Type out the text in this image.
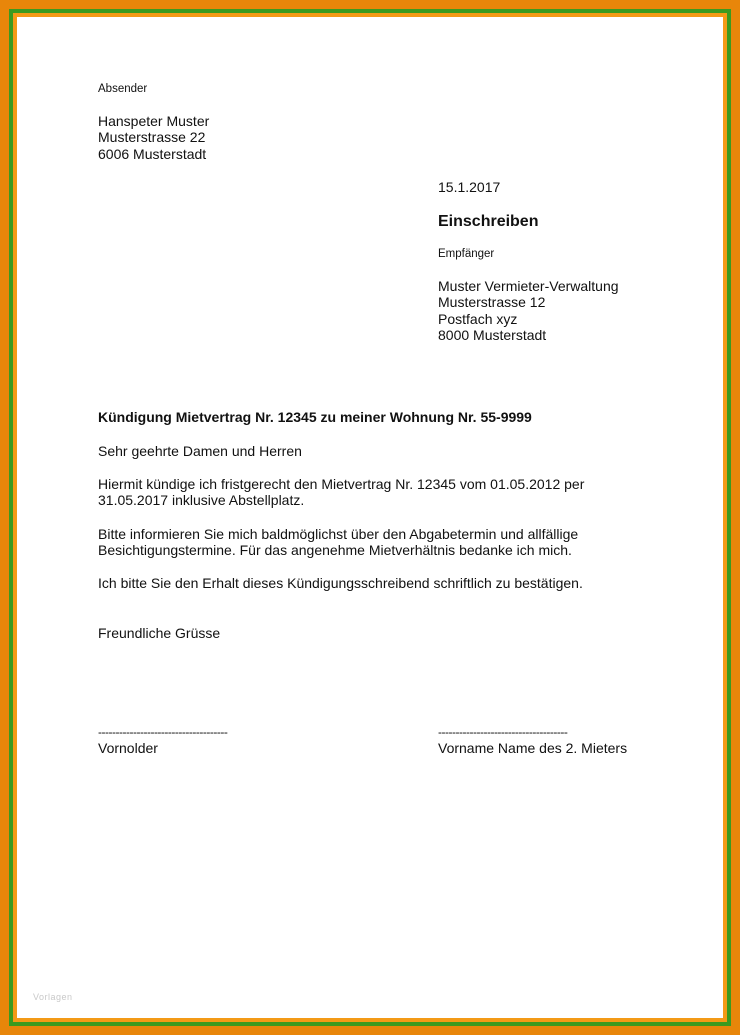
Absender
Hanspeter Muster
Musterstrasse 22
6006 Musterstadt
15.1.2017
Einschreiben
Empfänger
Muster Vermieter-Verwaltung
Musterstrasse 12
Postfach xyz
8000 Musterstadt
Kündigung Mietvertrag Nr. 12345 zu meiner Wohnung Nr. 55-9999
Sehr geehrte Damen und Herren
Hiermit kündige ich fristgerecht den Mietvertrag Nr. 12345 vom 01.05.2012 per
31.05.2017 inklusive Abstellplatz.
Bitte informieren Sie mich baldmöglichst über den Abgabetermin und allfällige
Besichtigungstermine. Für das angenehme Mietverhältnis bedanke ich mich.
Ich bitte Sie den Erhalt dieses Kündigungsschreibend schriftlich zu bestätigen.
Freundliche Grüsse
-------------------------------------
Vornolder
-------------------------------------
Vorname Name des 2. Mieters
Vorlagen
